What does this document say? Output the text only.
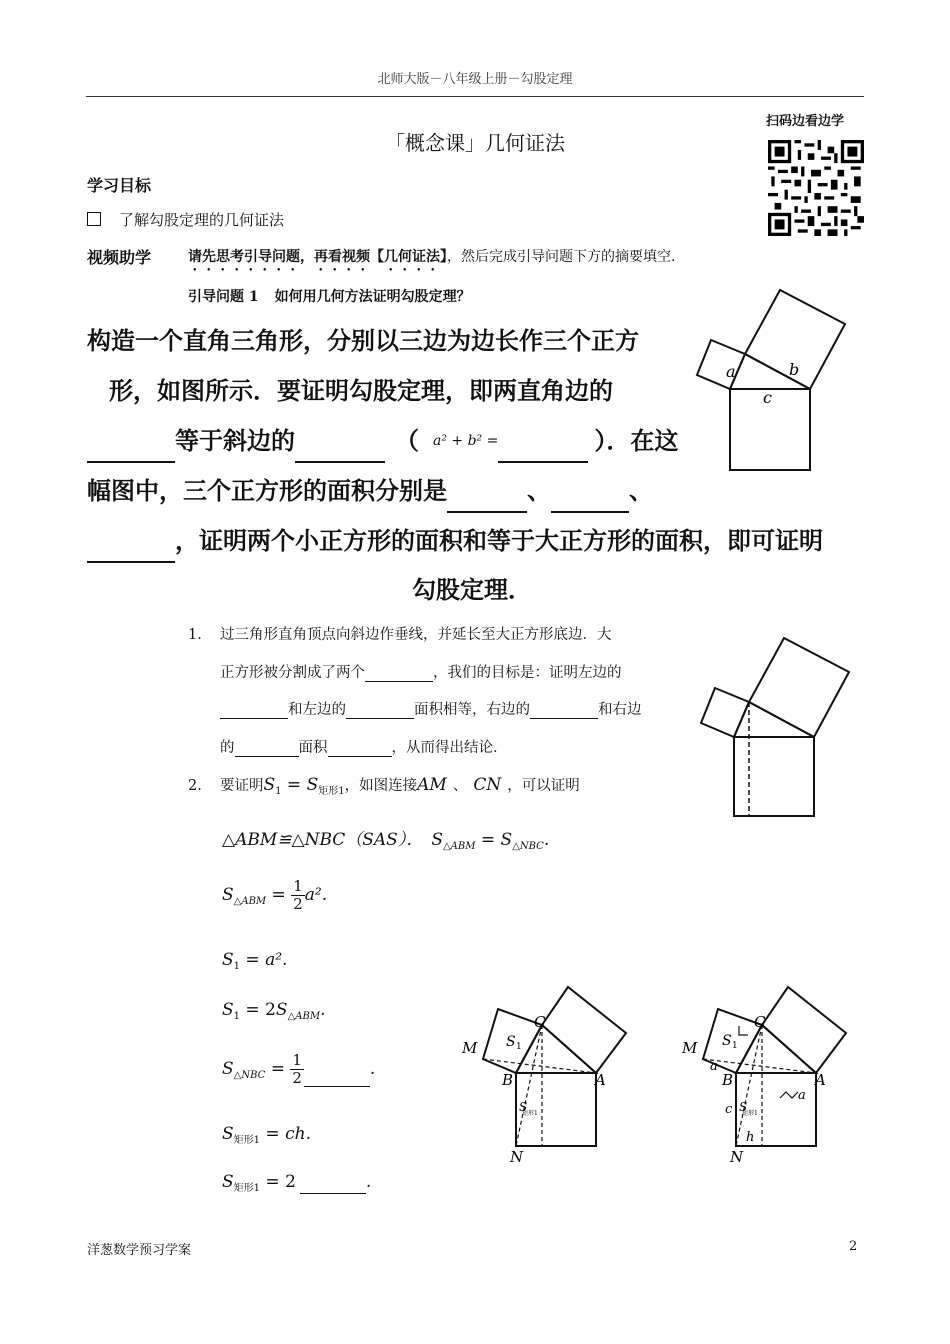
北师大版－八年级上册－勾股定理
扫码边看边学
「概念课」几何证法
学习目标
了解勾股定理的几何证法
视频助学	请先思考引导问题，再看视频【几何证法】，然后完成引导问题下方的摘要填空.
引导问题 1 如何用几何方法证明勾股定理？
a	b
c
构造一个直角三角形，分别以三边为边长作三个正方
形，如图所示．要证明勾股定理，即两直角边的
等于斜边的	（ a² + b² =	）．在这
幅图中，三个正方形的面积分别是	、	、
，证明两个小正方形的面积和等于大正方形的面积，即可证明
勾股定理．
1. 过三角形直角顶点向斜边作垂线，并延长至大正方形底边．大
正方形被分割成了两个	，我们的目标是：证明左边的
和左边的	面积相等，右边的	和右边
的	面积	，从而得出结论．
2. 要证明$S_1 = S_{矩形1}$，如图连接AM 、 CN ，可以证明
△ABM≌△NBC（SAS）． $S_{\triangle ABM} = S_{\triangle NBC}$.
$S_{\triangle ABM} = \frac{1}{2} a^2$.
$S_1 = a^2$.
$S_1 = 2S_{\triangle ABM}$.
$S_{\triangle NBC} = \frac{1}{2}$	.
$S_{矩形1}$ = ch.
$S_{矩形1} = 2$	.
M
C
B	A
N
S 1
S
矩形1
M
C
B	A
N
S 1
a
c S
矩形1
h
a
洋葱数学预习学案	2
